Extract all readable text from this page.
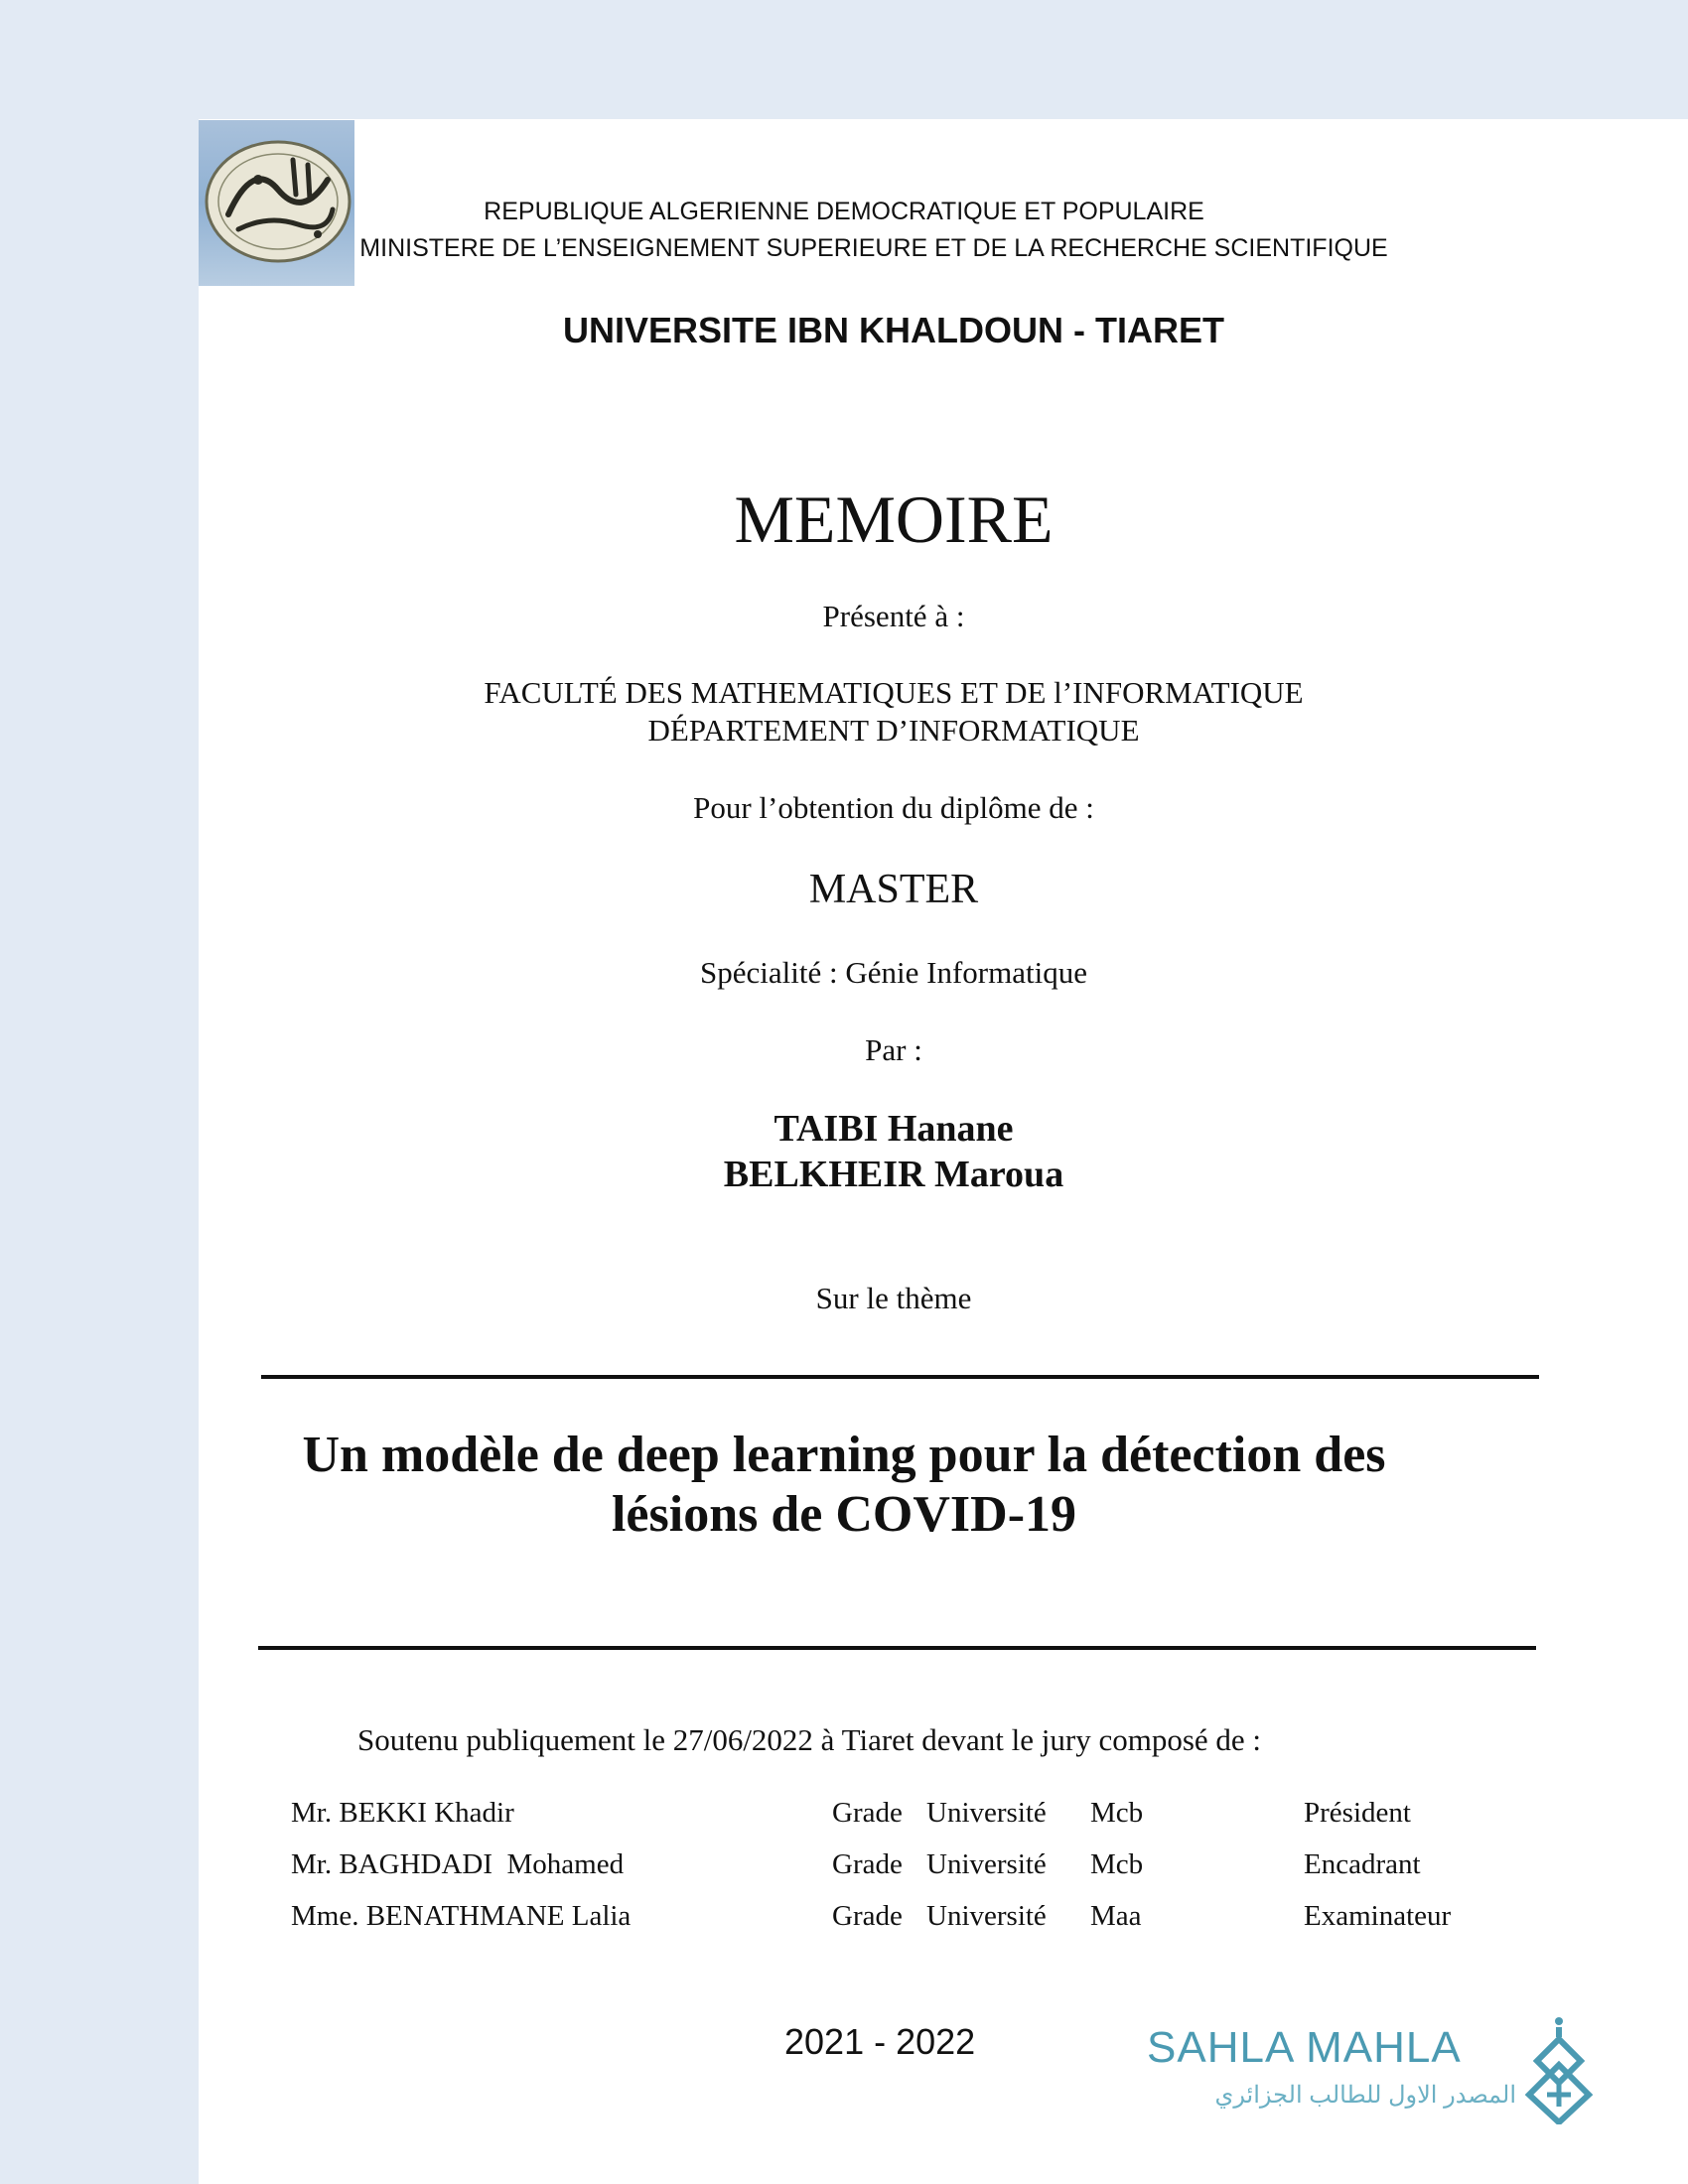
REPUBLIQUE ALGERIENNE DEMOCRATIQUE ET POPULAIRE
MINISTERE DE L’ENSEIGNEMENT SUPERIEURE ET DE LA RECHERCHE SCIENTIFIQUE
UNIVERSITE IBN KHALDOUN - TIARET
MEMOIRE
Présenté à :
FACULTÉ DES MATHEMATIQUES ET DE l’INFORMATIQUE
DÉPARTEMENT D’INFORMATIQUE
Pour l’obtention du diplôme de :
MASTER
Spécialité : Génie Informatique
Par :
TAIBI Hanane
BELKHEIR Maroua
Sur le thème
Un modèle de deep learning pour la détection des
lésions de COVID-19
Soutenu publiquement le 27/06/2022 à Tiaret devant le jury composé de :
Mr. BEKKI Khadir	Grade Université Mcb	Président
Mr. BAGHDADI  Mohamed	Grade Université Mcb	Encadrant
Mme. BENATHMANE Lalia	Grade Université Maa	Examinateur
2021 - 2022	SAHLA MAHLA
المصدر الاول للطالب الجزائري
